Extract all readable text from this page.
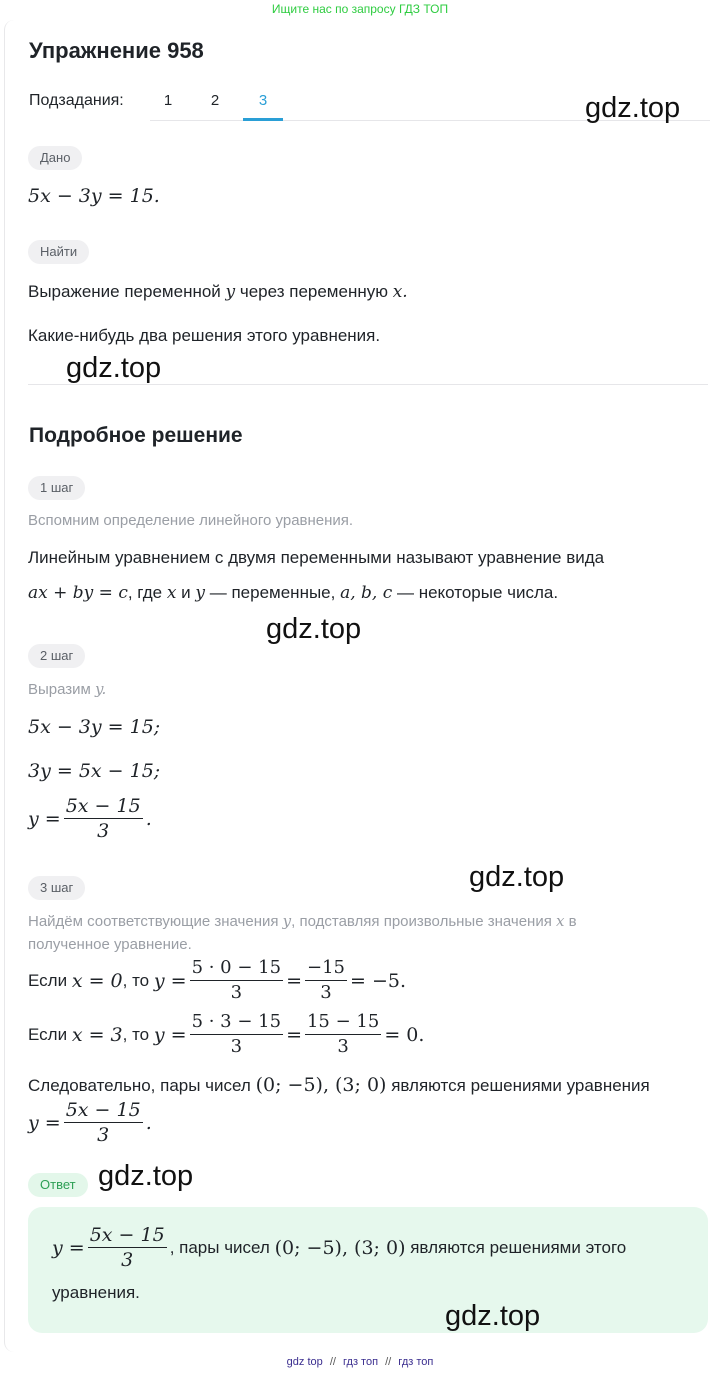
Ищите нас по запросу ГДЗ ТОП
Упражнение 958
Подзадания:	1	2	3	gdz.top
Дано
5x − 3y = 15.
Найти
Выражение переменной y через переменную x.
Какие-нибудь два решения этого уравнения.
gdz.top
Подробное решение
1 шаг
Вспомним определение линейного уравнения.
Линейным уравнением с двумя переменными называют уравнение вида
ax + by = c, где x и y — переменные, a, b, c — некоторые числа.
gdz.top
2 шаг
Выразим y.
5x − 3y = 15;
3y = 5x − 15;
$y = \frac{5x - 15}{3}$ .
gdz.top
3 шаг
Найдём соответствующие значения y, подставляя произвольные значения x в
полученное уравнение.
Если
x = 0 , то
$y = \frac{5 \cdot 0 - 15}{3} = \frac{-15}{3} = -5$.
Если
x = 3 , то
$y = \frac{5 \cdot 3 - 15}{3} = \frac{15 - 15}{3} = 0$.
Следовательно, пары чисел (0; −5), (3; 0) являются решениями уравнения
$y = \frac{5x - 15}{3}$ .
Ответ gdz.top
$y = \frac{5x - 15}{3}$ , пары чисел
(0; −5), (3; 0)
являются решениями этого
уравнения.
gdz.top
gdz top // гдз топ // гдз топ
